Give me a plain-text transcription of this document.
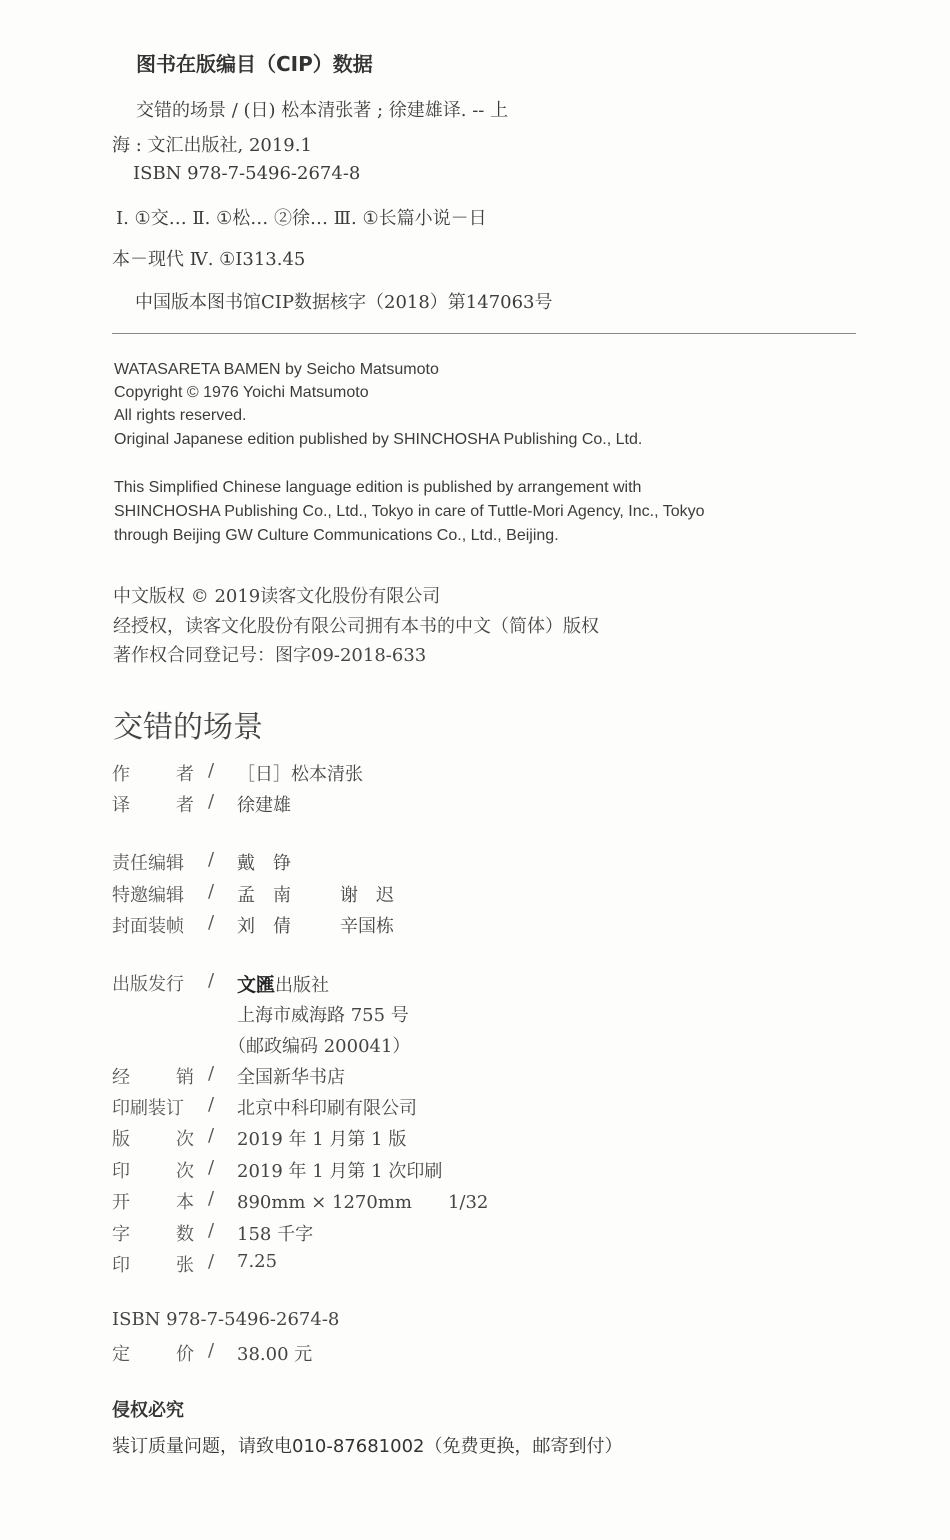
图书在版编目（CIP）数据
交错的场景 / (日) 松本清张著 ; 徐建雄译. -- 上
海 : 文汇出版社, 2019.1
ISBN 978-7-5496-2674-8
Ⅰ. ①交… Ⅱ. ①松… ②徐… Ⅲ. ①长篇小说－日
本－现代 Ⅳ. ①I313.45
中国版本图书馆CIP数据核字（2018）第147063号
WATASARETA BAMEN by Seicho Matsumoto
Copyright © 1976 Yoichi Matsumoto
All rights reserved.
Original Japanese edition published by SHINCHOSHA Publishing Co., Ltd.
This Simplified Chinese language edition is published by arrangement with
SHINCHOSHA Publishing Co., Ltd., Tokyo in care of Tuttle-Mori Agency, Inc., Tokyo
through Beijing GW Culture Communications Co., Ltd., Beijing.
中文版权 © 2019读客文化股份有限公司
经授权，读客文化股份有限公司拥有本书的中文（简体）版权
著作权合同登记号：图字09-2018-633
交错的场景
作	者 / ［日］松本清张
译	者 / 徐建雄
责任编辑	/ 戴　铮
特邀编辑	/ 孟　南	谢　迟
封面装帧	/ 刘　倩	辛国栋
出版发行	/ 文匯出版社
上海市威海路 755 号
（邮政编码 200041）
经	销 / 全国新华书店
印刷装订	/ 北京中科印刷有限公司
版	次 / 2019 年 1 月第 1 版
印	次 / 2019 年 1 月第 1 次印刷
开	本 / 890mm × 1270mm　　1/32
字	数 / 158 千字
印	张 / 7.25
ISBN 978-7-5496-2674-8
定	价 / 38.00 元
侵权必究
装订质量问题，请致电010-87681002（免费更换，邮寄到付）
